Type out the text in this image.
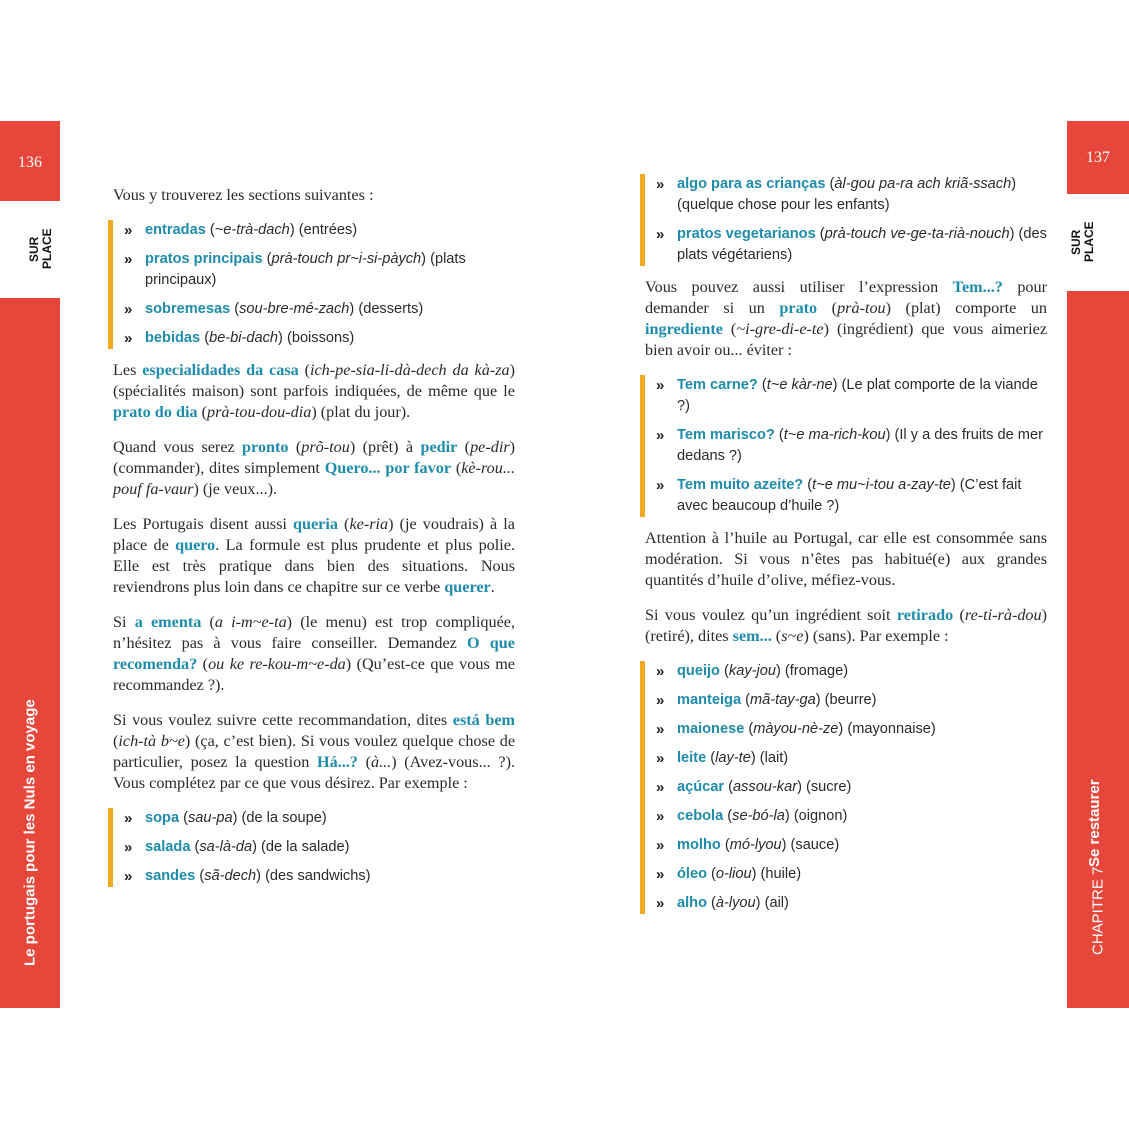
136
SUR
PLACE
Le portugais pour les Nuls en voyage
137
SUR
PLACE
CHAPITRE 7
Se restaurer

Vous y trouverez les sections suivantes :

» entradas (~e-trà-dach) (entrées)
» pratos principais (prà-touch pr~i-si-pàych) (plats principaux)
» sobremesas (sou-bre-mé-zach) (desserts)
» bebidas (be-bi-dach) (boissons)

Les especialidades da casa (ich-pe-sia-li-dà-dech da kà-za) (spécialités maison) sont parfois indiquées, de même que le prato do dia (prà-tou-dou-dia) (plat du jour).

Quand vous serez pronto (prõ-tou) (prêt) à pedir (pe-dir) (commander), dites simplement Quero... por favor (kè-rou... pouf fa-vaur) (je veux...).

Les Portugais disent aussi queria (ke-ria) (je voudrais) à la place de quero. La formule est plus prudente et plus polie. Elle est très pratique dans bien des situations. Nous reviendrons plus loin dans ce chapitre sur ce verbe querer.

Si a ementa (a i-m~e-ta) (le menu) est trop compliquée, n’hésitez pas à vous faire conseiller. Demandez O que recomenda? (ou ke re-kou-m~e-da) (Qu’est-ce que vous me recommandez ?).

Si vous voulez suivre cette recommandation, dites está bem (ich-tà b~e) (ça, c’est bien). Si vous voulez quelque chose de particulier, posez la question Há...? (à...) (Avez-vous... ?). Vous complétez par ce que vous désirez. Par exemple :

» sopa (sau-pa) (de la soupe)
» salada (sa-là-da) (de la salade)
» sandes (sã-dech) (des sandwichs)
» algo para as crianças (àl-gou pa-ra ach kriã-ssach) (quelque chose pour les enfants)
» pratos vegetarianos (prà-touch ve-ge-ta-rià-nouch) (des plats végétariens)

Vous pouvez aussi utiliser l’expression Tem...? pour demander si un prato (prà-tou) (plat) comporte un ingrediente (~i-gre-di-e-te) (ingrédient) que vous aimeriez bien avoir ou... éviter :

» Tem carne? (t~e kàr-ne) (Le plat comporte de la viande ?)
» Tem marisco? (t~e ma-rich-kou) (Il y a des fruits de mer dedans ?)
» Tem muito azeite? (t~e mu~i-tou a-zay-te) (C’est fait avec beaucoup d’huile ?)

Attention à l’huile au Portugal, car elle est consommée sans modération. Si vous n’êtes pas habitué(e) aux grandes quantités d’huile d’olive, méfiez-vous.

Si vous voulez qu’un ingrédient soit retirado (re-ti-rà-dou) (retiré), dites sem... (s~e) (sans). Par exemple :

» queijo (kay-jou) (fromage)
» manteiga (mã-tay-ga) (beurre)
» maionese (màyou-nè-ze) (mayonnaise)
» leite (lay-te) (lait)
» açúcar (assou-kar) (sucre)
» cebola (se-bó-la) (oignon)
» molho (mó-lyou) (sauce)
» óleo (o-liou) (huile)
» alho (à-lyou) (ail)
